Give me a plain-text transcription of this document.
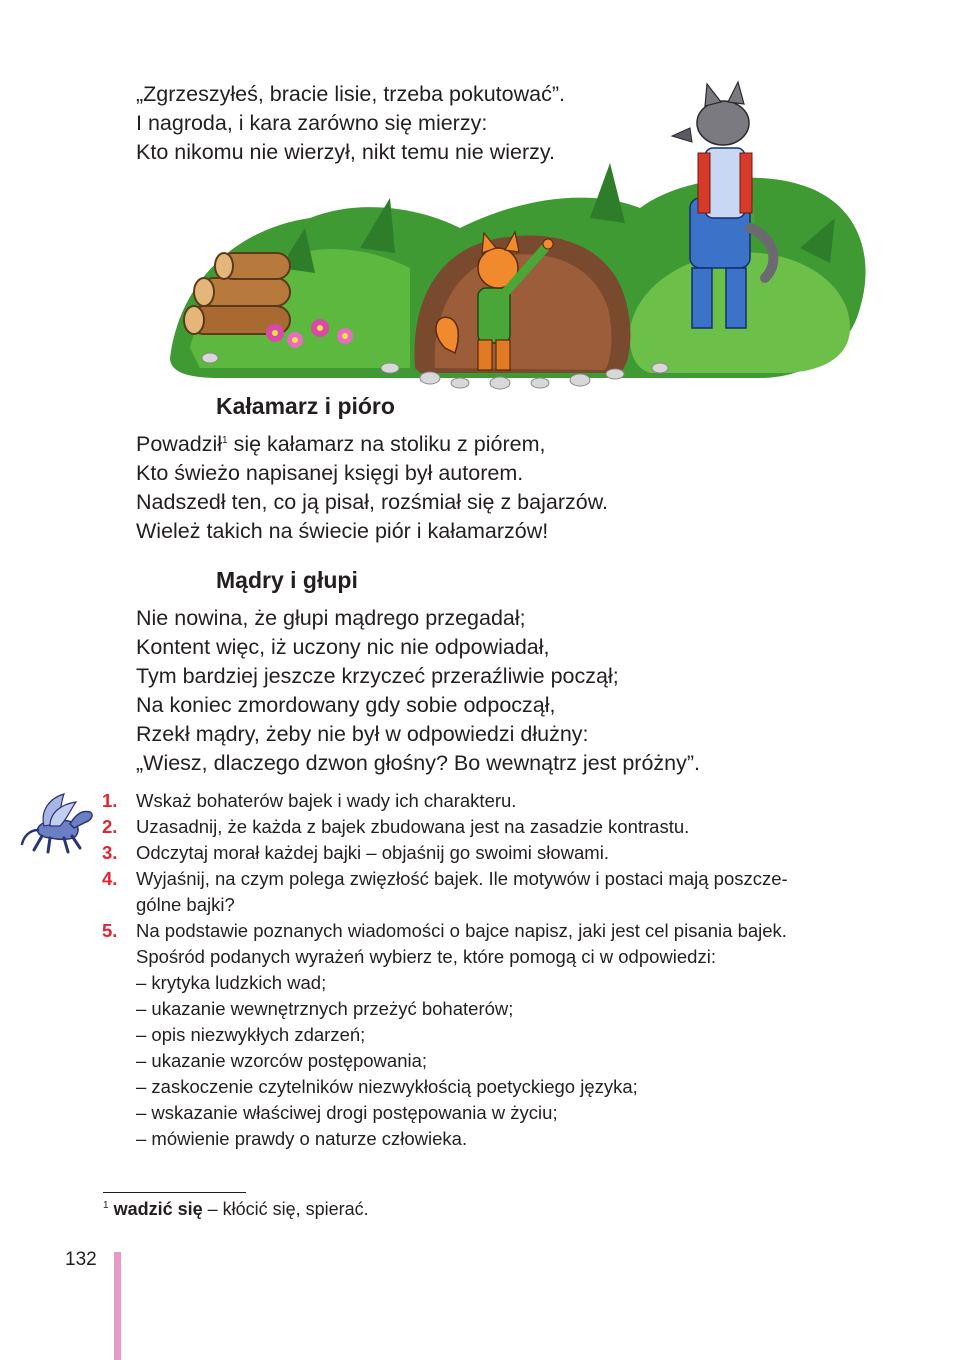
„Zgrzeszyłeś, bracie lisie, trzeba pokutować”.
I nagroda, i kara zarówno się mierzy:
Kto nikomu nie wierzył, nikt temu nie wierzy.
Kałamarz i pióro
Powadził$^1$ się kałamarz na stoliku z piórem,
Kto świeżo napisanej księgi był autorem.
Nadszedł ten, co ją pisał, rozśmiał się z bajarzów.
Wieleż takich na świecie piór i kałamarzów!
Mądry i głupi
Nie nowina, że głupi mądrego przegadał;
Kontent więc, iż uczony nic nie odpowiadał,
Tym bardziej jeszcze krzyczeć przeraźliwie począł;
Na koniec zmordowany gdy sobie odpoczął,
Rzekł mądry, żeby nie był w odpowiedzi dłużny:
„Wiesz, dlaczego dzwon głośny? Bo wewnątrz jest próżny”.
1.	Wskaż bohaterów bajek i wady ich charakteru.
2.	Uzasadnij, że każda z bajek zbudowana jest na zasadzie kontrastu.
3.	Odczytaj morał każdej bajki – objaśnij go swoimi słowami.
4.	Wyjaśnij, na czym polega zwięzłość bajek. Ile motywów i postaci mają poszcze-
gólne bajki?
5.	Na podstawie poznanych wiadomości o bajce napisz, jaki jest cel pisania bajek.
Spośród podanych wyrażeń wybierz te, które pomogą ci w odpowiedzi:
– krytyka ludzkich wad;
– ukazanie wewnętrznych przeżyć bohaterów;
– opis niezwykłych zdarzeń;
– ukazanie wzorców postępowania;
– zaskoczenie czytelników niezwykłością poetyckiego języka;
– wskazanie właściwej drogi postępowania w życiu;
– mówienie prawdy o naturze człowieka.
$^1$ wadzić się – kłócić się, spierać.
132
